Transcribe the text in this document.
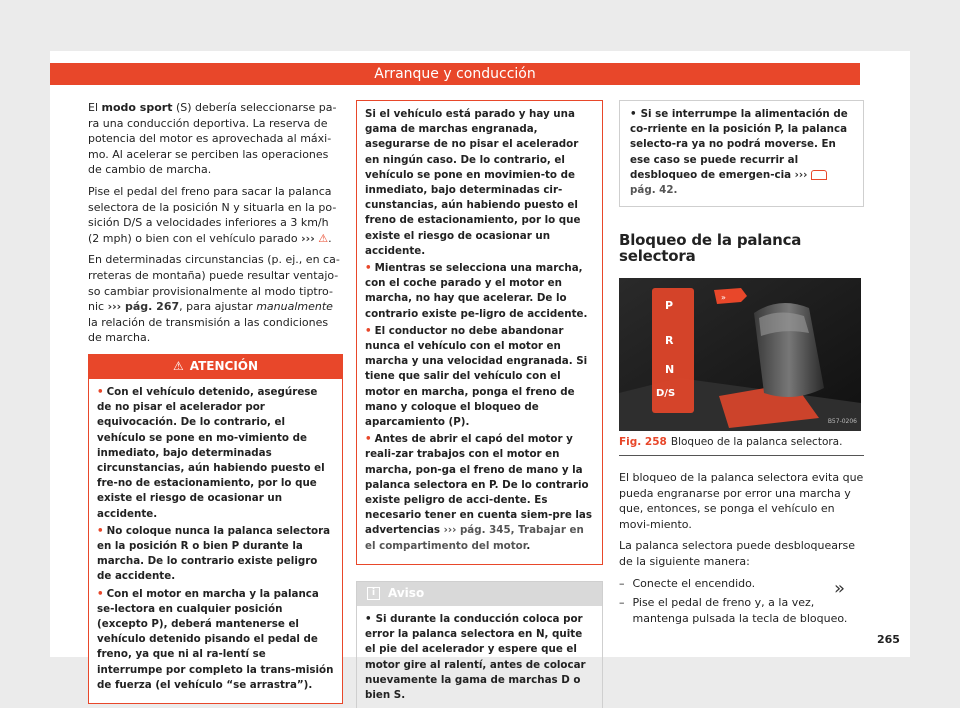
Arranque y conducción

El modo sport (S) debería seleccionarse pa-ra una conducción deportiva. La reserva de potencia del motor es aprovechada al máxi-mo. Al acelerar se perciben las operaciones de cambio de marcha.

Pise el pedal del freno para sacar la palanca selectora de la posición N y situarla en la po-sición D/S a velocidades inferiores a 3 km/h (2 mph) o bien con el vehículo parado ››› ⚠.

En determinadas circunstancias (p. ej., en ca-rreteras de montaña) puede resultar ventajo-so cambiar provisionalmente al modo tiptro-nic ››› pág. 267, para ajustar manualmente la relación de transmisión a las condiciones de marcha.

⚠ ATENCIÓN
• Con el vehículo detenido, asegúrese de no pisar el acelerador por equivocación. De lo contrario, el vehículo se pone en mo-vimiento de inmediato, bajo determinadas circunstancias, aún habiendo puesto el fre-no de estacionamiento, por lo que existe el riesgo de ocasionar un accidente.
• No coloque nunca la palanca selectora en la posición R o bien P durante la marcha. De lo contrario existe peligro de accidente.
• Con el motor en marcha y la palanca se-lectora en cualquier posición (excepto P), deberá mantenerse el vehículo detenido pisando el pedal de freno, ya que ni al ra-lentí se interrumpe por completo la trans-misión de fuerza (el vehículo “se arrastra”).
Si el vehículo está parado y hay una gama de marchas engranada, asegurarse de no pisar el acelerador en ningún caso. De lo contrario, el vehículo se pone en movimien-to de inmediato, bajo determinadas cir-cunstancias, aún habiendo puesto el freno de estacionamiento, por lo que existe el riesgo de ocasionar un accidente.
• Mientras se selecciona una marcha, con el coche parado y el motor en marcha, no hay que acelerar. De lo contrario existe pe-ligro de accidente.
• El conductor no debe abandonar nunca el vehículo con el motor en marcha y una velocidad engranada. Si tiene que salir del vehículo con el motor en marcha, ponga el freno de mano y coloque el bloqueo de aparcamiento (P).
• Antes de abrir el capó del motor y reali-zar trabajos con el motor en marcha, pon-ga el freno de mano y la palanca selectora en P. De lo contrario existe peligro de acci-dente. Es necesario tener en cuenta siem-pre las advertencias ››› pág. 345, Trabajar en el compartimento del motor.
i	Aviso
• Si durante la conducción coloca por error la palanca selectora en N, quite el pie del acelerador y espere que el motor gire al ralentí, antes de colocar nuevamente la gama de marchas D o bien S.
• Si se interrumpe la alimentación de co-rriente en la posición P, la palanca selecto-ra ya no podrá moverse. En ese caso se puede recurrir al desbloqueo de emergen-cia ›››  pág. 42.
Bloqueo de la palanca selectora
»
P
R
N
D/S
B57-0206
Fig. 258 Bloqueo de la palanca selectora.

El bloqueo de la palanca selectora evita que pueda engranarse por error una marcha y que, entonces, se ponga el vehículo en movi-miento.

La palanca selectora puede desbloquearse de la siguiente manera:

– Conecte el encendido.
– Pise el pedal de freno y, a la vez, mantenga pulsada la tecla de bloqueo.
»
265
